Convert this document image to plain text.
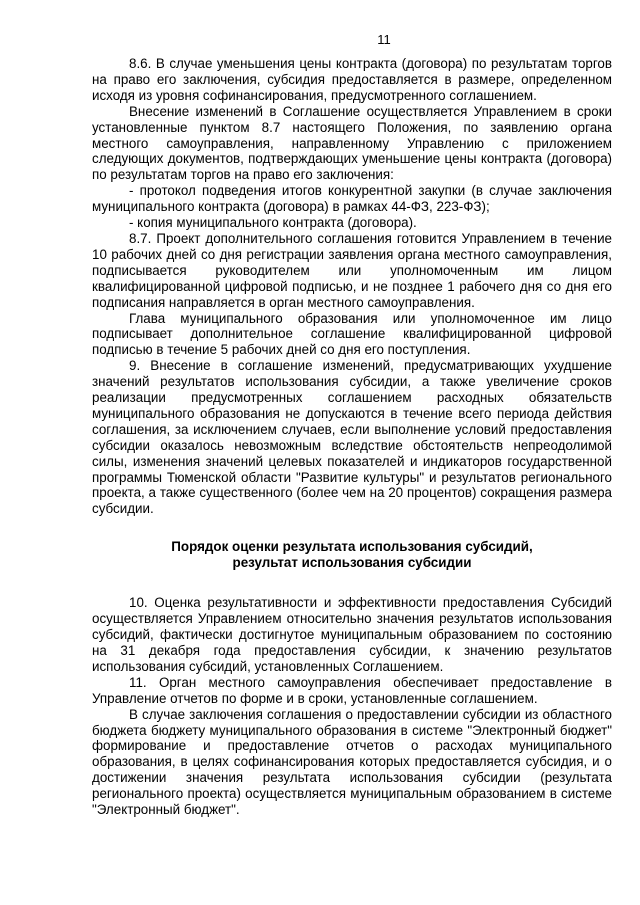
11

8.6. В случае уменьшения цены контракта (договора) по результатам торгов на право его заключения, субсидия предоставляется в размере, определенном исходя из уровня софинансирования, предусмотренного соглашением.

Внесение изменений в Соглашение осуществляется Управлением в сроки установленные пунктом 8.7 настоящего Положения, по заявлению органа местного самоуправления, направленному Управлению с приложением следующих документов, подтверждающих уменьшение цены контракта (договора) по результатам торгов на право его заключения:

- протокол подведения итогов конкурентной закупки (в случае заключения муниципального контракта (договора) в рамках 44-ФЗ, 223-ФЗ);

- копия муниципального контракта (договора).

8.7. Проект дополнительного соглашения готовится Управлением в течение 10 рабочих дней со дня регистрации заявления органа местного самоуправления, подписывается руководителем или уполномоченным им лицом квалифицированной цифровой подписью, и не позднее 1 рабочего дня со дня его подписания направляется в орган местного самоуправления.

Глава муниципального образования или уполномоченное им лицо подписывает дополнительное соглашение квалифицированной цифровой подписью в течение 5 рабочих дней со дня его поступления.

9. Внесение в соглашение изменений, предусматривающих ухудшение значений результатов использования субсидии, а также увеличение сроков реализации предусмотренных соглашением расходных обязательств муниципального образования не допускаются в течение всего периода действия соглашения, за исключением случаев, если выполнение условий предоставления субсидии оказалось невозможным вследствие обстоятельств непреодолимой силы, изменения значений целевых показателей и индикаторов государственной программы Тюменской области "Развитие культуры" и результатов регионального проекта, а также существенного (более чем на 20 процентов) сокращения размера субсидии.

Порядок оценки результата использования субсидий,
результат использования субсидии

10. Оценка результативности и эффективности предоставления Субсидий осуществляется Управлением относительно значения результатов использования субсидий, фактически достигнутое муниципальным образованием по состоянию на 31 декабря года предоставления субсидии, к значению результатов использования субсидий, установленных Соглашением.

11. Орган местного самоуправления обеспечивает предоставление в Управление отчетов по форме и в сроки, установленные соглашением.

В случае заключения соглашения о предоставлении субсидии из областного бюджета бюджету муниципального образования в системе "Электронный бюджет" формирование и предоставление отчетов о расходах муниципального образования, в целях софинансирования которых предоставляется субсидия, и о достижении значения результата использования субсидии (результата регионального проекта) осуществляется муниципальным образованием в системе "Электронный бюджет".
